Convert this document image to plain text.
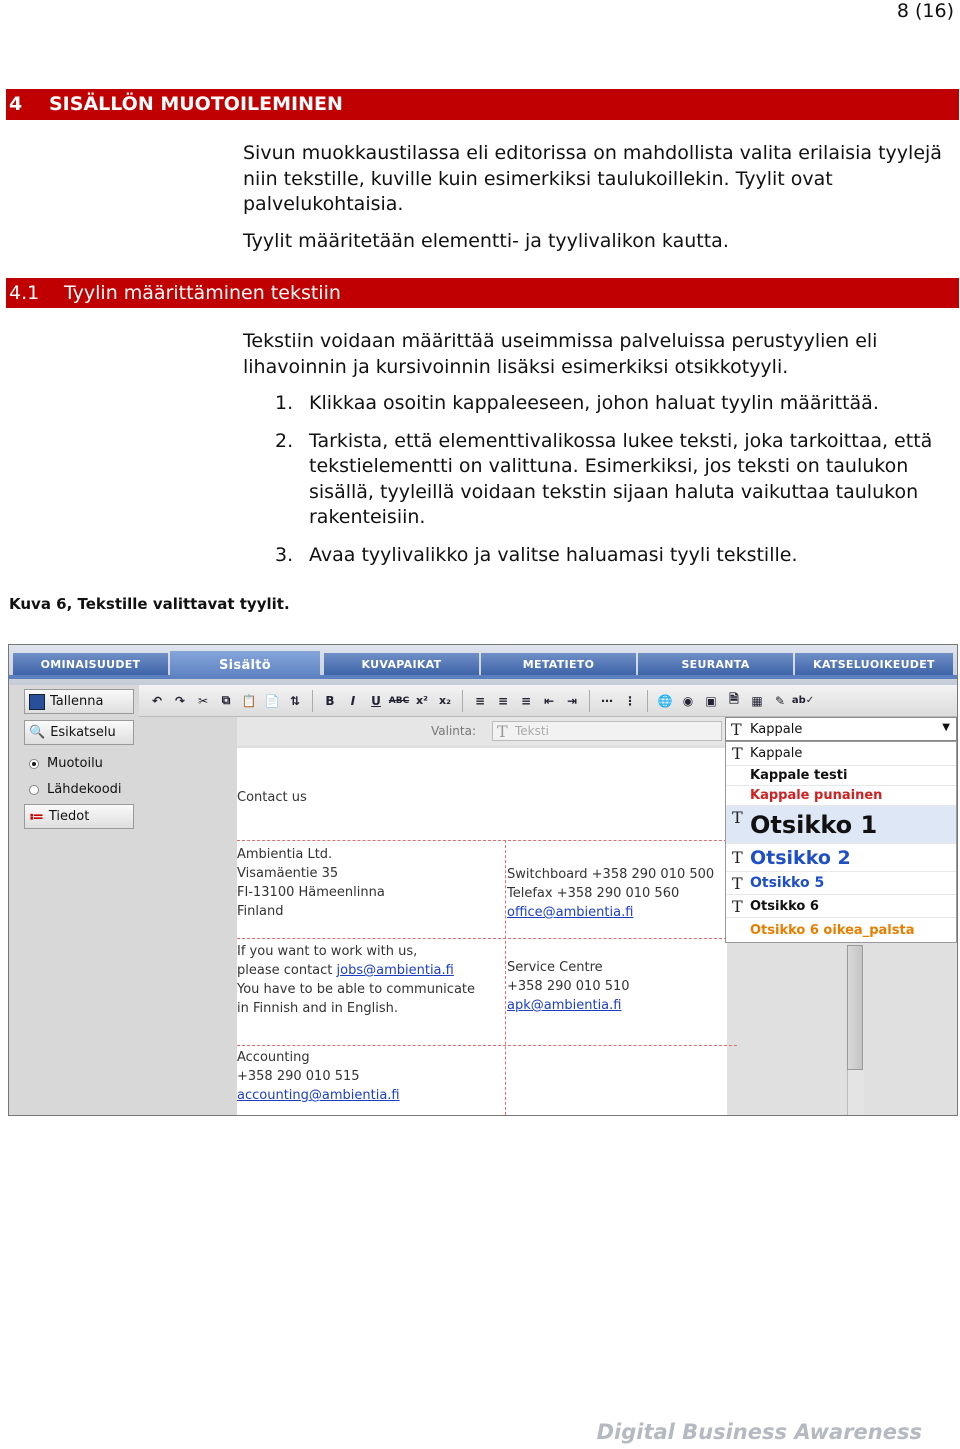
8 (16)
4 SISÄLLÖN MUOTOILEMINEN

Sivun muokkaustilassa eli editorissa on mahdollista valita erilaisia tyylejä niin tekstille, kuville kuin esimerkiksi taulukoillekin. Tyylit ovat palvelukohtaisia.

Tyylit määritetään elementti- ja tyylivalikon kautta.

4.1 Tyylin määrittäminen tekstiin

Tekstiin voidaan määrittää useimmissa palveluissa perustyylien eli lihavoinnin ja kursivoinnin lisäksi esimerkiksi otsikkotyyli.

1. Klikkaa osoitin kappaleeseen, johon haluat tyylin määrittää.
2. Tarkista, että elementtivalikossa lukee teksti, joka tarkoittaa, että tekstielementti on valittuna. Esimerkiksi, jos teksti on taulukon sisällä, tyyleillä voidaan tekstin sijaan haluta vaikuttaa taulukon rakenteisiin.
3. Avaa tyylivalikko ja valitse haluamasi tyyli tekstille.
Kuva 6, Tekstille valittavat tyylit.
OMINAISUUDET	Sisältö	KUVAPAIKAT	METATIETO	SEURANTA	KATSELUOIKEUDET
Tallenna
🔍 Esikatselu
Muotoilu
Lähdekoodi
≔ Tiedot
↶	↷	✂	⧉ 📋 📄 ⇅	B	I	U ABC x²	x₂	≡	≡	≡	⇤	⇥	⋯ ⋮	🌐 ◉	▣	🗎	▦	✎ ab✓
Valinta: T Teksti
Contact us
Ambientia Ltd.
Visamäentie 35
FI-13100 Hämeenlinna
Finland
Switchboard +358 290 010 500
Telefax +358 290 010 560
office@ambientia.fi
If you want to work with us,
please contact jobs@ambientia.fi
You have to be able to communicate
in Finnish and in English.
Service Centre
+358 290 010 510
apk@ambientia.fi
Accounting
+358 290 010 515
accounting@ambientia.fi
T Kappale	▼
T Kappale
Kappale testi
Kappale punainen
T Otsikko 1
T Otsikko 2
T Otsikko 5
T Otsikko 6
Otsikko 6 oikea_palsta
Digital Business Awareness
